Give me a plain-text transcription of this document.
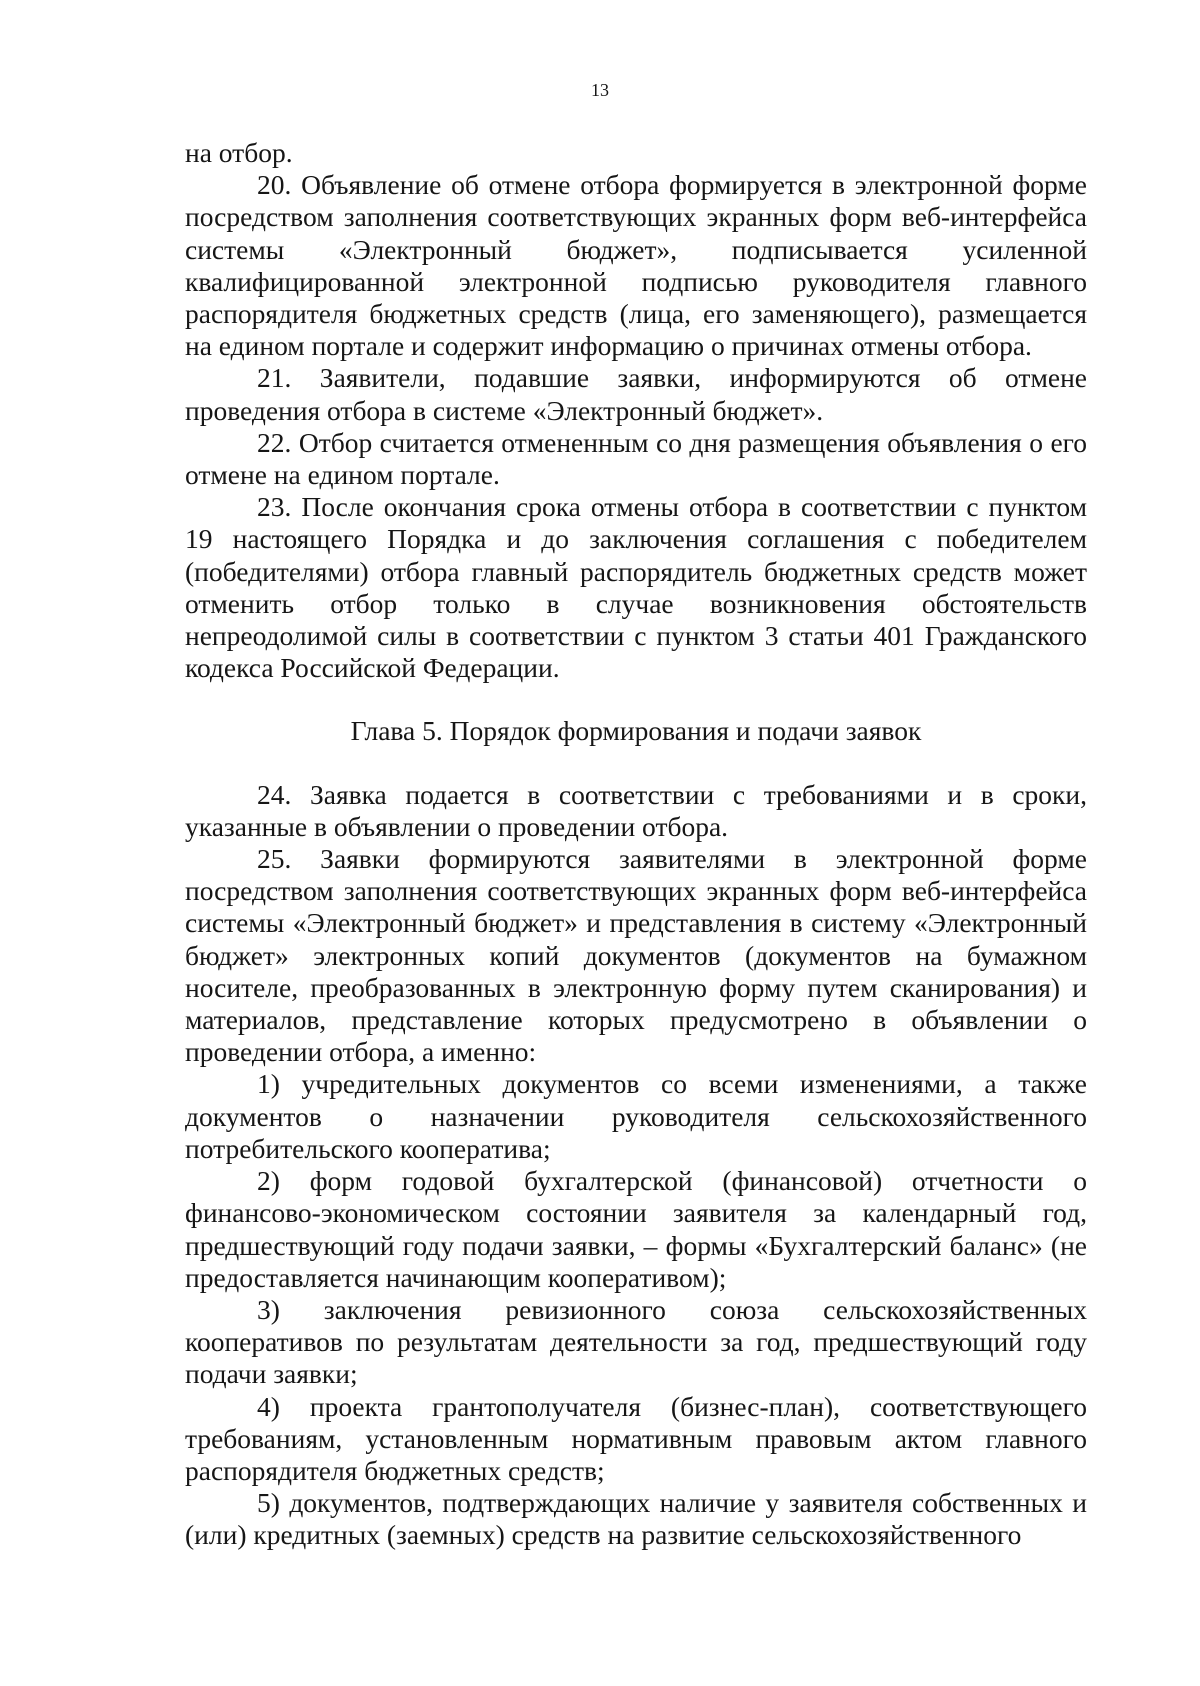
13

на отбор.

20. Объявление об отмене отбора формируется в электронной форме посредством заполнения соответствующих экранных форм веб-интерфейса системы «Электронный бюджет», подписывается усиленной квалифицированной электронной подписью руководителя главного распорядителя бюджетных средств (лица, его заменяющего), размещается на едином портале и содержит информацию о причинах отмены отбора.

21. Заявители, подавшие заявки, информируются об отмене проведения отбора в системе «Электронный бюджет».

22. Отбор считается отмененным со дня размещения объявления о его отмене на едином портале.

23. После окончания срока отмены отбора в соответствии с пунктом 19 настоящего Порядка и до заключения соглашения с победителем (победителями) отбора главный распорядитель бюджетных средств может отменить отбор только в случае возникновения обстоятельств непреодолимой силы в соответствии с пунктом 3 статьи 401 Гражданского кодекса Российской Федерации.

Глава 5. Порядок формирования и подачи заявок

24. Заявка подается в соответствии с требованиями и в сроки, указанные в объявлении о проведении отбора.

25. Заявки формируются заявителями в электронной форме посредством заполнения соответствующих экранных форм веб-интерфейса системы «Электронный бюджет» и представления в систему «Электронный бюджет» электронных копий документов (документов на бумажном носителе, преобразованных в электронную форму путем сканирования) и материалов, представление которых предусмотрено в объявлении о проведении отбора, а именно:

1) учредительных документов со всеми изменениями, а также документов о назначении руководителя сельскохозяйственного потребительского кооператива;

2) форм годовой бухгалтерской (финансовой) отчетности о финансово-экономическом состоянии заявителя за календарный год, предшествующий году подачи заявки, – формы «Бухгалтерский баланс» (не предоставляется начинающим кооперативом);

3) заключения ревизионного союза сельскохозяйственных кооперативов по результатам деятельности за год, предшествующий году подачи заявки;

4) проекта грантополучателя (бизнес-план), соответствующего требованиям, установленным нормативным правовым актом главного распорядителя бюджетных средств;

5) документов, подтверждающих наличие у заявителя собственных и (или) кредитных (заемных) средств на развитие сельскохозяйственного
